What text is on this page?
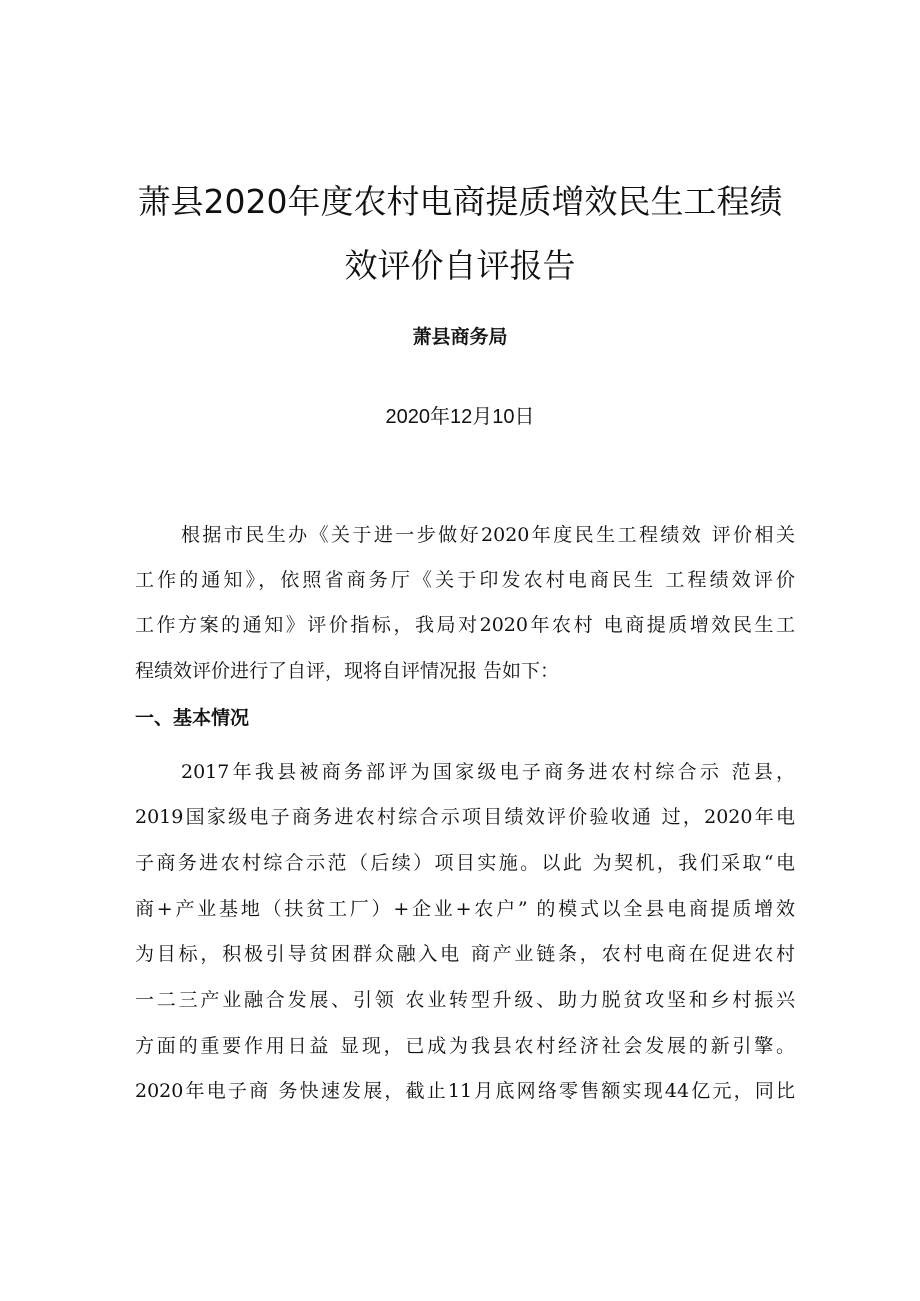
萧县2020年度农村电商提质增效民生工程绩
效评价自评报告
萧县商务局
2020年12月10日
根据市民生办《关于进一步做好2020年度民生工程绩效 评价相关
工作的通知》，依照省商务厅《关于印发农村电商民生 工程绩效评价
工作方案的通知》评价指标，我局对2020年农村 电商提质增效民生工
程绩效评价进行了自评，现将自评情况报 告如下：
一、基本情况
2017年我县被商务部评为国家级电子商务进农村综合示 范县，
2019国家级电子商务进农村综合示项目绩效评价验收通 过，2020年电
子商务进农村综合示范（后续）项目实施。以此 为契机，我们采取“电
商+产业基地（扶贫工厂）+企业+农户” 的模式以全县电商提质增效
为目标，积极引导贫困群众融入电 商产业链条，农村电商在促进农村
一二三产业融合发展、引领 农业转型升级、助力脱贫攻坚和乡村振兴
方面的重要作用日益 显现，已成为我县农村经济社会发展的新引擎。
2020年电子商 务快速发展，截止11月底网络零售额实现44亿元，同比
